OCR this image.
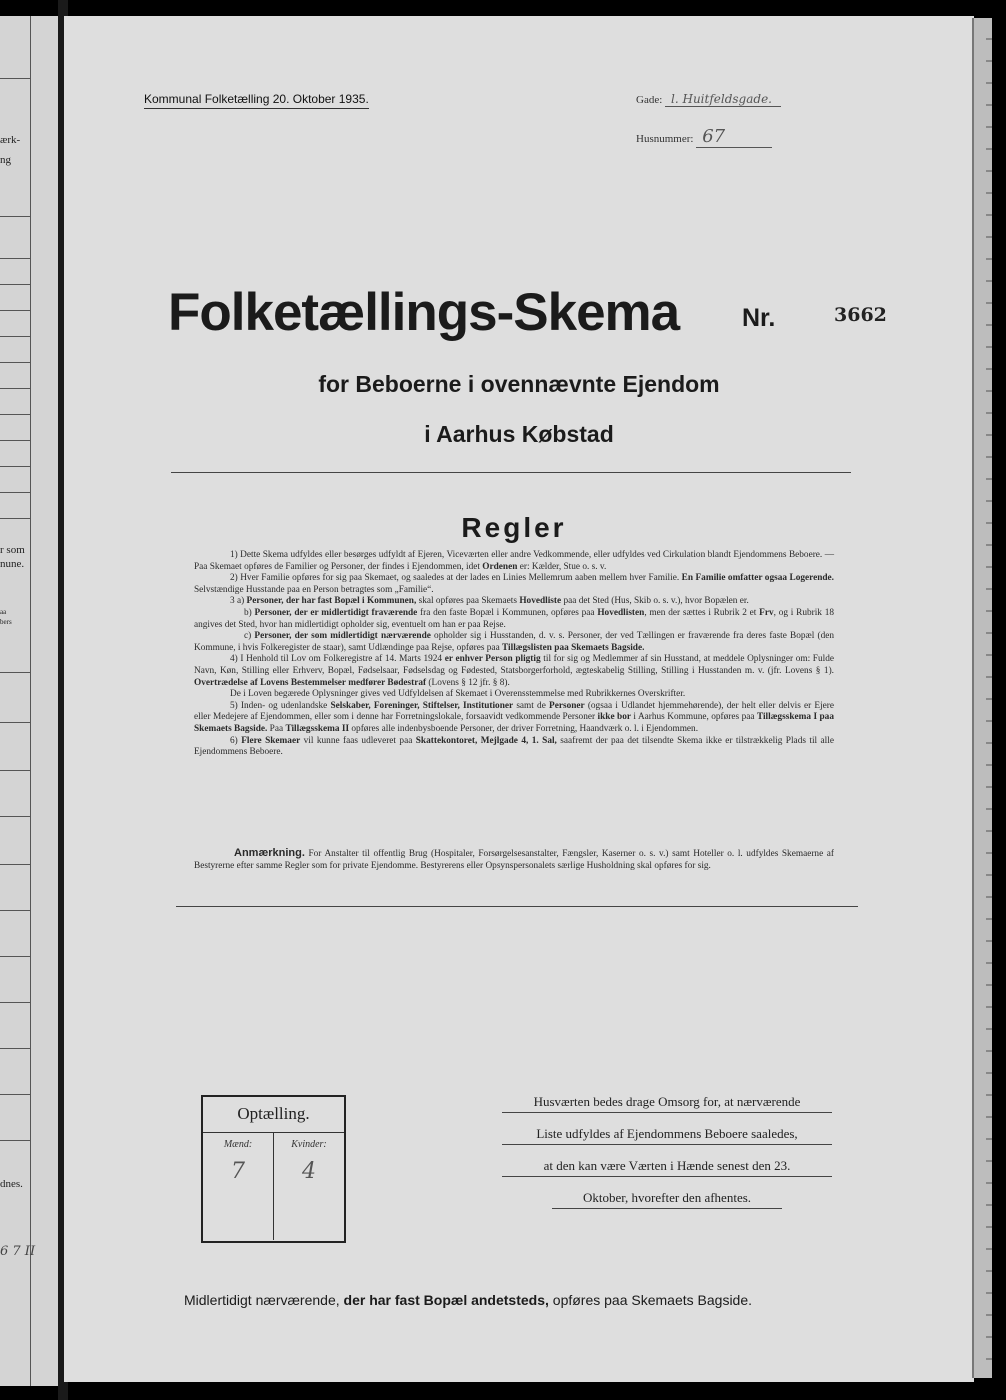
ærk-
ng
r som
nune.
aa
bers
dnes.
6 7 II
Kommunal Folketælling 20. Oktober 1935.	Gade: l. Huitfeldsgade.
Husnummer: 67
Folketællings-Skema	Nr.	3662
for Beboerne i ovennævnte Ejendom
i Aarhus Købstad
Regler

1) Dette Skema udfyldes eller besørges udfyldt af Ejeren, Viceværten eller andre Vedkommende, eller udfyldes ved Cirkulation blandt Ejendommens Beboere. — Paa Skemaet opføres de Familier og Personer, der findes i Ejendommen, idet Ordenen er: Kælder, Stue o. s. v.

2) Hver Familie opføres for sig paa Skemaet, og saaledes at der lades en Linies Mellemrum aaben mellem hver Familie. En Familie omfatter ogsaa Logerende. Selvstændige Husstande paa en Person betragtes som „Familie“.

3 a) Personer, der har fast Bopæl i Kommunen, skal opføres paa Skemaets Hovedliste paa det Sted (Hus, Skib o. s. v.), hvor Bopælen er.

b) Personer, der er midlertidigt fraværende fra den faste Bopæl i Kommunen, opføres paa Hovedlisten, men der sættes i Rubrik 2 et Frv, og i Rubrik 18 angives det Sted, hvor han midlertidigt opholder sig, eventuelt om han er paa Rejse.

c) Personer, der som midlertidigt nærværende opholder sig i Husstanden, d. v. s. Personer, der ved Tællingen er fraværende fra deres faste Bopæl (den Kommune, i hvis Folkeregister de staar), samt Udlændinge paa Rejse, opføres paa Tillægslisten paa Skemaets Bagside.

4) I Henhold til Lov om Folkeregistre af 14. Marts 1924 er enhver Person pligtig til for sig og Medlemmer af sin Husstand, at meddele Oplysninger om: Fulde Navn, Køn, Stilling eller Erhverv, Bopæl, Fødselsaar, Fødselsdag og Fødested, Statsborgerforhold, ægteskabelig Stilling, Stilling i Husstanden m. v. (jfr. Lovens § 1). Overtrædelse af Lovens Bestemmelser medfører Bødestraf (Lovens § 12 jfr. § 8).

De i Loven begærede Oplysninger gives ved Udfyldelsen af Skemaet i Overensstemmelse med Rubrikkernes Overskrifter.

5) Inden- og udenlandske Selskaber, Foreninger, Stiftelser, Institutioner samt de Personer (ogsaa i Udlandet hjemmehørende), der helt eller delvis er Ejere eller Medejere af Ejendommen, eller som i denne har Forretningslokale, forsaavidt vedkommende Personer ikke bor i Aarhus Kommune, opføres paa Tillægsskema I paa Skemaets Bagside. Paa Tillægsskema II opføres alle indenbysboende Personer, der driver Forretning, Haandværk o. l. i Ejendommen.

6) Flere Skemaer vil kunne faas udleveret paa Skattekontoret, Mejlgade 4, 1. Sal, saafremt der paa det tilsendte Skema ikke er tilstrækkelig Plads til alle Ejendommens Beboere.

Anmærkning. For Anstalter til offentlig Brug (Hospitaler, Forsørgelsesanstalter, Fængsler, Kaserner o. s. v.) samt Hoteller o. l. udfyldes Skemaerne af Bestyrerne efter samme Regler som for private Ejendomme. Bestyrerens eller Opsynspersonalets særlige Husholdning skal opføres for sig.
Optælling.
Mænd:
7
Kvinder:
4
Husværten bedes drage Omsorg for, at nærværende
Liste udfyldes af Ejendommens Beboere saaledes,
at den kan være Værten i Hænde senest den 23.
Oktober, hvorefter den afhentes.
Midlertidigt nærværende, der har fast Bopæl andetsteds, opføres paa Skemaets Bagside.
